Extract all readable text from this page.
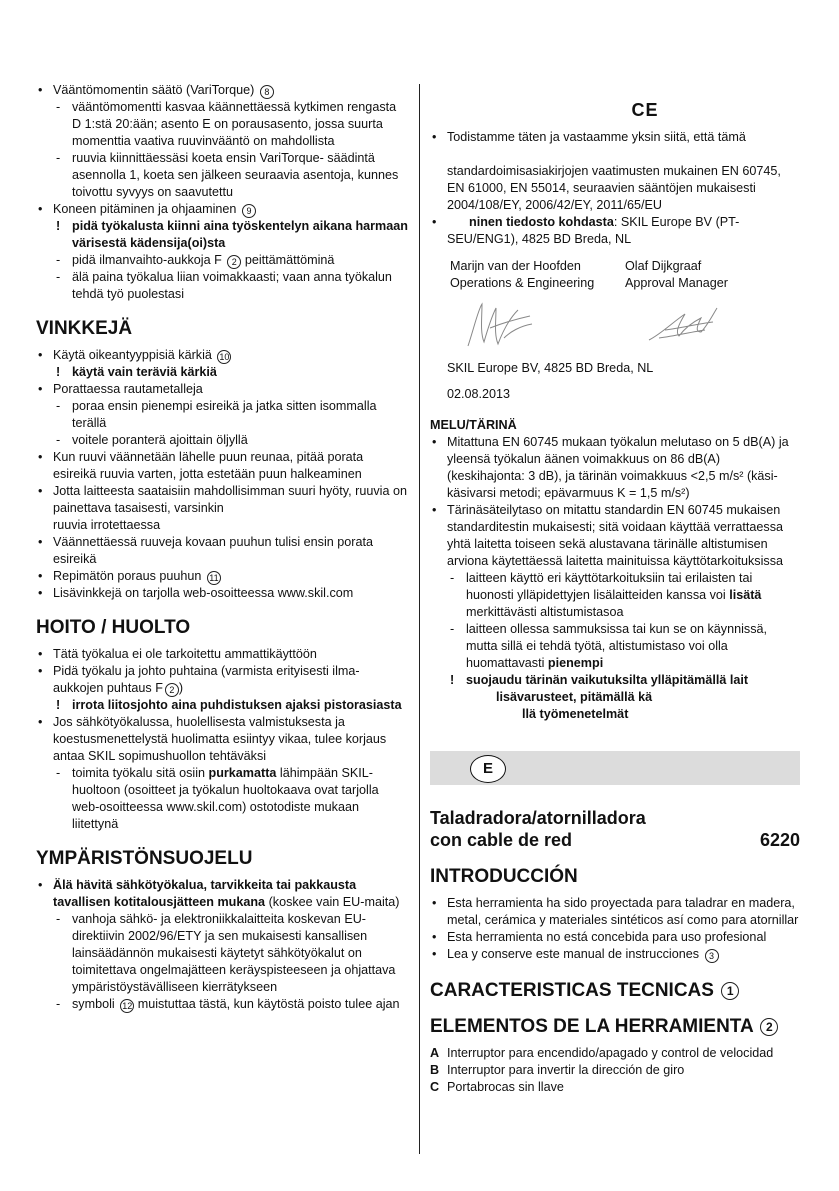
• Vääntömomentin säätö (VariTorque) 8

- vääntömomentti kasvaa käännettäessä kytkimen rengasta D 1:stä 20:ään; asento E on porausasento, jossa suurta momenttia vaativa ruuvinvääntö on mahdollista

- ruuvia kiinnittäessäsi koeta ensin VariTorque- säädintä asennolla 1, koeta sen jälkeen seuraavia asentoja, kunnes toivottu syvyys on saavutettu

• Koneen pitäminen ja ohjaaminen 9

! pidä työkalusta kiinni aina työskentelyn aikana harmaan värisestä kädensija(oi)sta

- pidä ilmanvaihto-aukkoja F 2 peittämättöminä

- älä paina työkalua liian voimakkaasti; vaan anna työkalun tehdä työ puolestasi

VINKKEJÄ

• Käytä oikeantyyppisiä kärkiä 10

! käytä vain teräviä kärkiä

• Porattaessa rautametalleja

- poraa ensin pienempi esireikä ja jatka sitten isommalla terällä

- voitele poranterä ajoittain öljyllä

• Kun ruuvi väännetään lähelle puun reunaa, pitää porata esireikä ruuvia varten, jotta estetään puun halkeaminen

• Jotta laitteesta saataisiin mahdollisimman suuri hyöty, ruuvia on painettava tasaisesti, varsinkin

ruuvia irrotettaessa

• Väännettäessä ruuveja kovaan puuhun tulisi ensin porata esireikä

• Repimätön poraus puuhun 11

• Lisävinkkejä on tarjolla web-osoitteessa www.skil.com

HOITO / HUOLTO

• Tätä työkalua ei ole tarkoitettu ammattikäyttöön

• Pidä työkalu ja johto puhtaina (varmista erityisesti ilma-aukkojen puhtaus F 2 )

! irrota liitosjohto aina puhdistuksen ajaksi pistorasiasta

• Jos sähkötyökalussa, huolellisesta valmistuksesta ja koestusmenettelystä huolimatta esiintyy vikaa, tulee korjaus antaa SKIL sopimushuollon tehtäväksi

- toimita työkalu sitä osiin purkamatta lähimpään SKIL-huoltoon (osoitteet ja työkalun huoltokaava ovat tarjolla web-osoitteessa www.skil.com) ostotodiste mukaan liitettynä

YMPÄRISTÖNSUOJELU

• Älä hävitä sähkötyökalua, tarvikkeita tai pakkausta tavallisen kotitalousjätteen mukana (koskee vain EU-maita)

- vanhoja sähkö- ja elektroniikkalaitteita koskevan EU-direktiivin 2002/96/ETY ja sen mukaisesti kansallisen lainsäädännön mukaisesti käytetyt sähkötyökalut on toimitettava ongelmajätteen keräyspisteeseen ja ohjattava ympäristöystävälliseen kierrätykseen

- symboli 12 muistuttaa tästä, kun käytöstä poisto tulee ajan

CE

• Todistamme täten ja vastaamme yksin siitä, että tämä

standardoimisasiakirjojen vaatimusten mukainen EN 60745, EN 61000, EN 55014, seuraavien sääntöjen mukaisesti 2004/108/EY, 2006/42/EY, 2011/65/EU

• ninen tiedosto kohdasta: SKIL Europe BV (PT-SEU/ENG1), 4825 BD Breda, NL

Marijn van der Hoofden	Olaf Dijkgraaf
Operations & Engineering	Approval Manager

SKIL Europe BV, 4825 BD Breda, NL

02.08.2013

MELU/TÄRINÄ

• Mitattuna EN 60745 mukaan työkalun melutaso on 5 dB(A) ja yleensä työkalun äänen voimakkuus on 86 dB(A) (keskihajonta: 3 dB), ja tärinän voimakkuus <2,5 m/s² (käsi-käsivarsi metodi; epävarmuus K = 1,5 m/s²)

• Tärinäsäteilytaso on mitattu standardin EN 60745 mukaisen standarditestin mukaisesti; sitä voidaan käyttää verrattaessa yhtä laitetta toiseen sekä alustavana tärinälle altistumisen arviona käytettäessä laitetta mainituissa käyttötarkoituksissa

- laitteen käyttö eri käyttötarkoituksiin tai erilaisten tai huonosti ylläpidettyjen lisälaitteiden kanssa voi lisätä merkittävästi altistumistasoa

- laitteen ollessa sammuksissa tai kun se on käynnissä, mutta sillä ei tehdä työtä, altistumistaso voi olla huomattavasti pienempi

! suojaudu tärinän vaikutuksilta ylläpitämällä lait
lisävarusteet, pitämällä kä
llä työmenetelmät

E
Taladradora/atornilladora
con cable de red	6220
INTRODUCCIÓN

• Esta herramienta ha sido proyectada para taladrar en madera, metal, cerámica y materiales sintéticos así como para atornillar

• Esta herramienta no está concebida para uso profesional

• Lea y conserve este manual de instrucciones 3

CARACTERISTICAS TECNICAS 1
ELEMENTOS DE LA HERRAMIENTA 2

A Interruptor para encendido/apagado y control de velocidad

B Interruptor para invertir la dirección de giro

C Portabrocas sin llave
